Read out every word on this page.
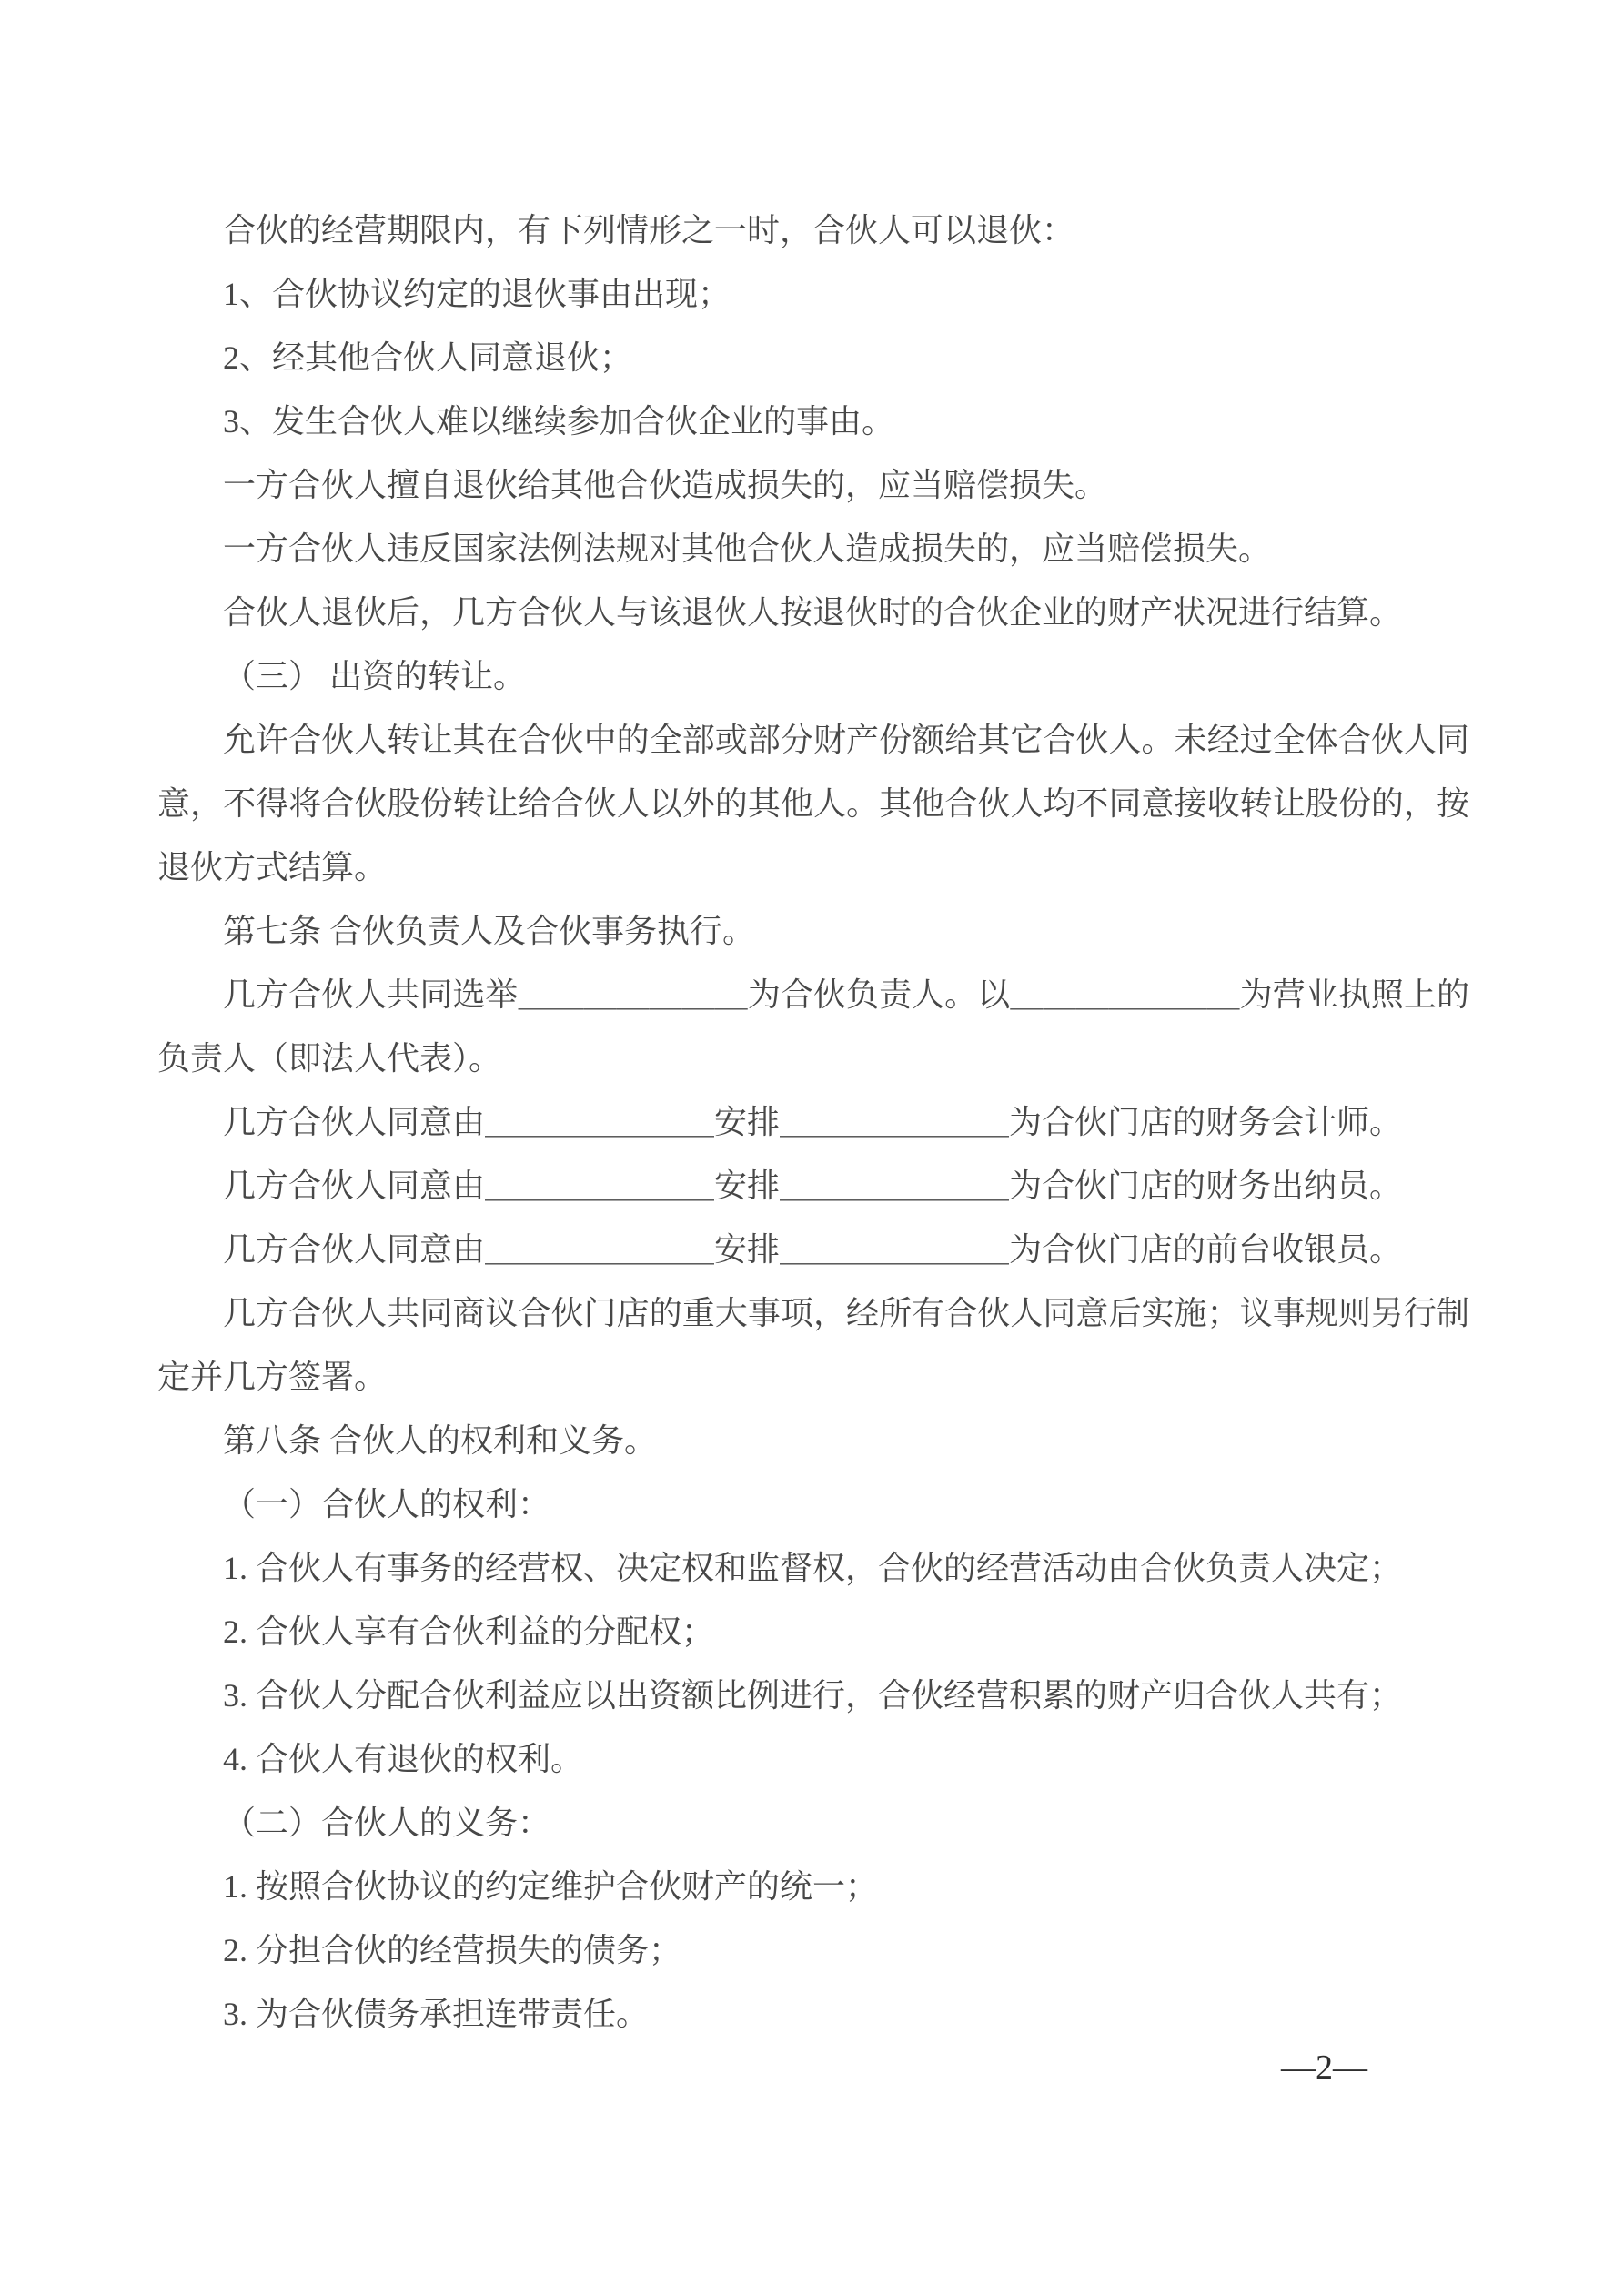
合伙的经营期限内，有下列情形之一时，合伙人可以退伙：

1、合伙协议约定的退伙事由出现；

2、经其他合伙人同意退伙；

3、发生合伙人难以继续参加合伙企业的事由。

一方合伙人擅自退伙给其他合伙造成损失的，应当赔偿损失。

一方合伙人违反国家法例法规对其他合伙人造成损失的，应当赔偿损失。

合伙人退伙后，几方合伙人与该退伙人按退伙时的合伙企业的财产状况进行结算。

（三） 出资的转让。

允许合伙人转让其在合伙中的全部或部分财产份额给其它合伙人。未经过全体合伙人同意，不得将合伙股份转让给合伙人以外的其他人。其他合伙人均不同意接收转让股份的，按退伙方式结算。

第七条 合伙负责人及合伙事务执行。

几方合伙人共同选举＿＿＿＿＿＿＿为合伙负责人。以＿＿＿＿＿＿＿为营业执照上的负责人（即法人代表）。

几方合伙人同意由＿＿＿＿＿＿＿安排＿＿＿＿＿＿＿为合伙门店的财务会计师。

几方合伙人同意由＿＿＿＿＿＿＿安排＿＿＿＿＿＿＿为合伙门店的财务出纳员。

几方合伙人同意由＿＿＿＿＿＿＿安排＿＿＿＿＿＿＿为合伙门店的前台收银员。

几方合伙人共同商议合伙门店的重大事项，经所有合伙人同意后实施；议事规则另行制定并几方签署。

第八条 合伙人的权利和义务。

（一）合伙人的权利：

1. 合伙人有事务的经营权、决定权和监督权，合伙的经营活动由合伙负责人决定；

2. 合伙人享有合伙利益的分配权；

3. 合伙人分配合伙利益应以出资额比例进行，合伙经营积累的财产归合伙人共有；

4. 合伙人有退伙的权利。

（二）合伙人的义务：

1. 按照合伙协议的约定维护合伙财产的统一；

2. 分担合伙的经营损失的债务；

3. 为合伙债务承担连带责任。

—2—
